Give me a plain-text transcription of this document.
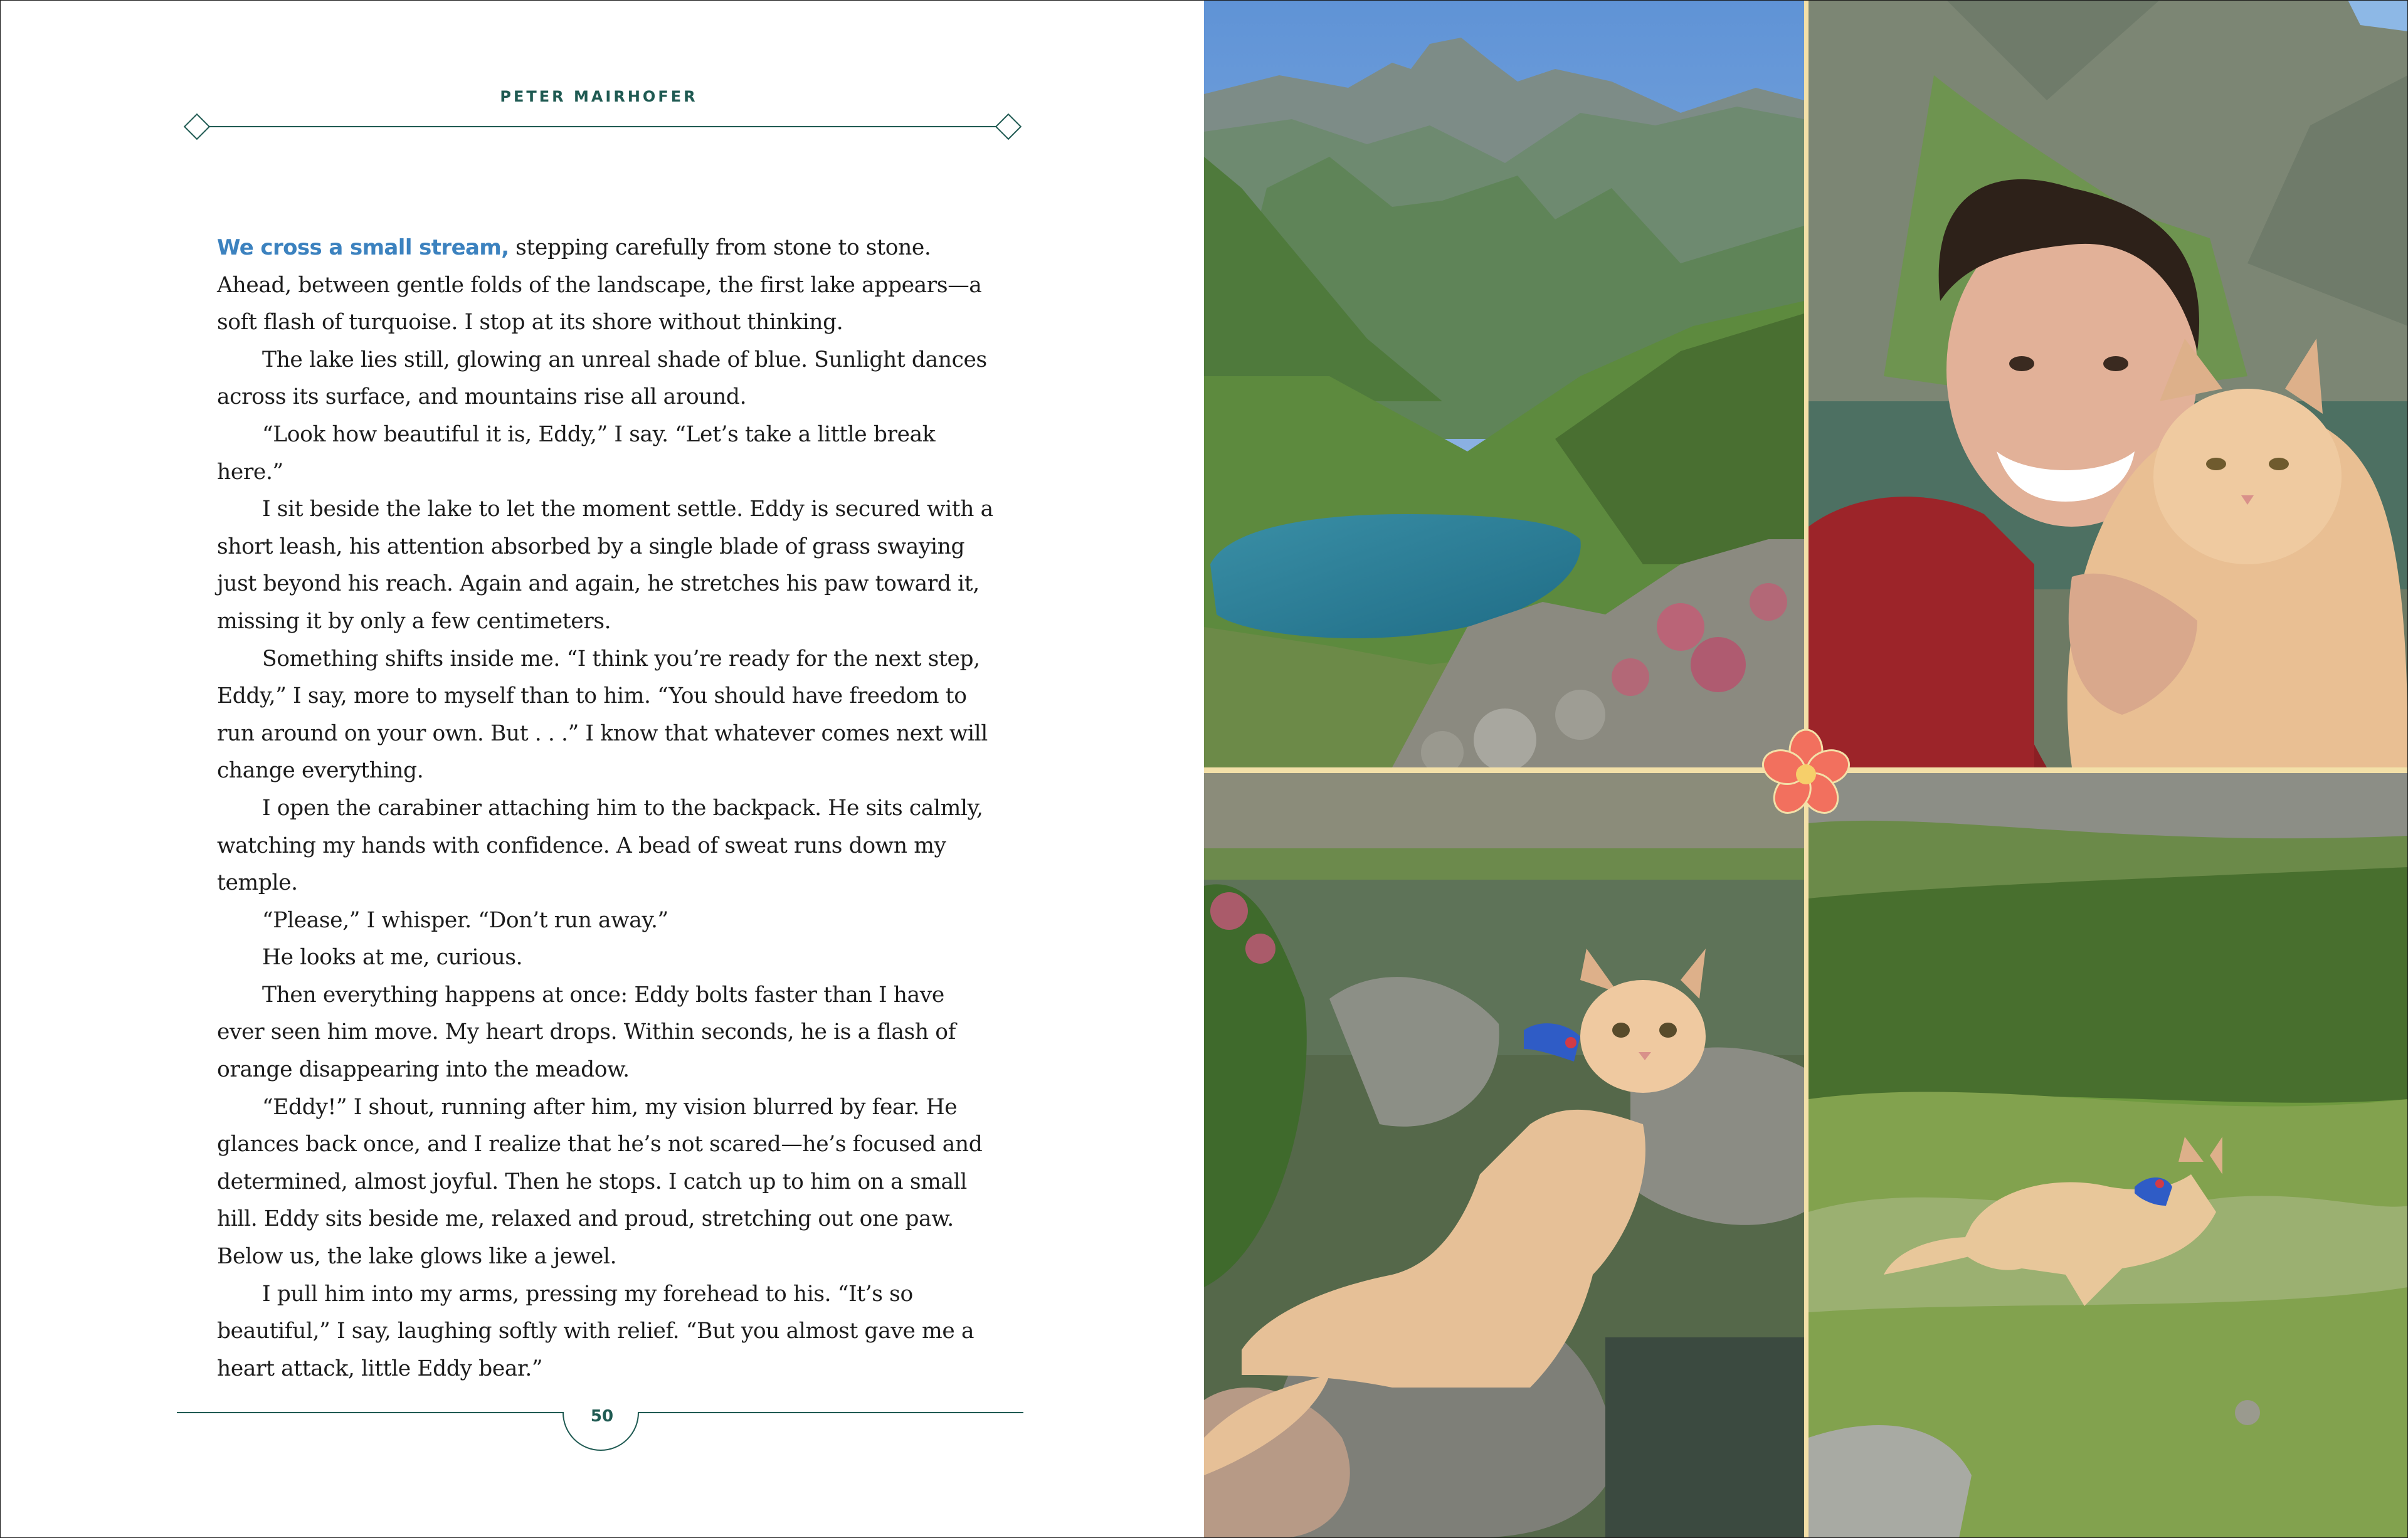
PETER MAIRHOFER

We cross a small stream, stepping carefully from stone to stone. Ahead, between gentle folds of the landscape, the first lake appears—a soft flash of turquoise. I stop at its shore without thinking.

The lake lies still, glowing an unreal shade of blue. Sunlight dances across its surface, and mountains rise all around.

“Look how beautiful it is, Eddy,” I say. “Let’s take a little break here.”

I sit beside the lake to let the moment settle. Eddy is secured with a short leash, his attention absorbed by a single blade of grass swaying just beyond his reach. Again and again, he stretches his paw toward it, missing it by only a few centimeters.

Something shifts inside me. “I think you’re ready for the next step, Eddy,” I say, more to myself than to him. “You should have freedom to run around on your own. But . . .” I know that whatever comes next will change everything.

I open the carabiner attaching him to the backpack. He sits calmly, watching my hands with confidence. A bead of sweat runs down my temple.

“Please,” I whisper. “Don’t run away.”

He looks at me, curious.

Then everything happens at once: Eddy bolts faster than I have ever seen him move. My heart drops. Within seconds, he is a flash of orange disappearing into the meadow.

“Eddy!” I shout, running after him, my vision blurred by fear. He glances back once, and I realize that he’s not scared—he’s focused and determined, almost joyful. Then he stops. I catch up to him on a small hill. Eddy sits beside me, relaxed and proud, stretching out one paw. Below us, the lake glows like a jewel.

I pull him into my arms, pressing my forehead to his. “It’s so beautiful,” I say, laughing softly with relief. “But you almost gave me a heart attack, little Eddy bear.”

50
